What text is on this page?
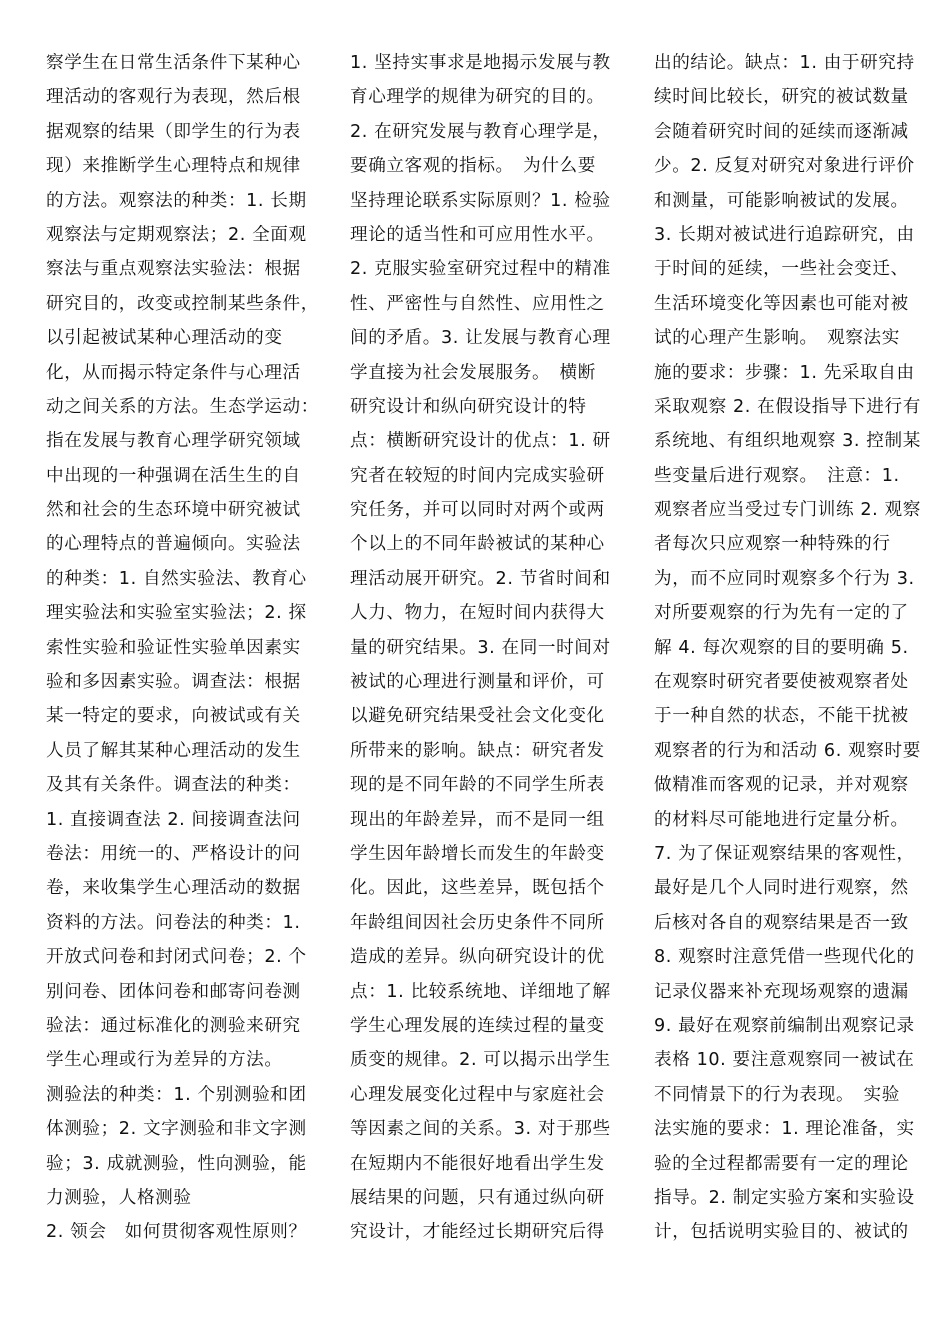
察学生在日常生活条件下某种心
理活动的客观行为表现，然后根
据观察的结果（即学生的行为表
现）来推断学生心理特点和规律
的方法。观察法的种类：1. 长期
观察法与定期观察法；2. 全面观
察法与重点观察法实验法：根据
研究目的，改变或控制某些条件，
以引起被试某种心理活动的变
化，从而揭示特定条件与心理活
动之间关系的方法。生态学运动：
指在发展与教育心理学研究领域
中出现的一种强调在活生生的自
然和社会的生态环境中研究被试
的心理特点的普遍倾向。实验法
的种类：1. 自然实验法、教育心
理实验法和实验室实验法；2. 探
索性实验和验证性实验单因素实
验和多因素实验。调查法：根据
某一特定的要求，向被试或有关
人员了解其某种心理活动的发生
及其有关条件。调查法的种类：
1. 直接调查法 2. 间接调查法问
卷法：用统一的、严格设计的问
卷，来收集学生心理活动的数据
资料的方法。问卷法的种类：1.
开放式问卷和封闭式问卷；2. 个
别问卷、团体问卷和邮寄问卷测
验法：通过标准化的测验来研究
学生心理或行为差异的方法。
测验法的种类：1. 个别测验和团
体测验；2. 文字测验和非文字测
验；3. 成就测验，性向测验，能
力测验，人格测验
2. 领会　如何贯彻客观性原则？
1. 坚持实事求是地揭示发展与教
育心理学的规律为研究的目的。
2. 在研究发展与教育心理学是，
要确立客观的指标。　为什么要
坚持理论联系实际原则？1. 检验
理论的适当性和可应用性水平。
2. 克服实验室研究过程中的精准
性、严密性与自然性、应用性之
间的矛盾。3. 让发展与教育心理
学直接为社会发展服务。　横断
研究设计和纵向研究设计的特
点：横断研究设计的优点：1. 研
究者在较短的时间内完成实验研
究任务，并可以同时对两个或两
个以上的不同年龄被试的某种心
理活动展开研究。2. 节省时间和
人力、物力，在短时间内获得大
量的研究结果。3. 在同一时间对
被试的心理进行测量和评价，可
以避免研究结果受社会文化变化
所带来的影响。缺点：研究者发
现的是不同年龄的不同学生所表
现出的年龄差异，而不是同一组
学生因年龄增长而发生的年龄变
化。因此，这些差异，既包括个
年龄组间因社会历史条件不同所
造成的差异。纵向研究设计的优
点：1. 比较系统地、详细地了解
学生心理发展的连续过程的量变
质变的规律。2. 可以揭示出学生
心理发展变化过程中与家庭社会
等因素之间的关系。3. 对于那些
在短期内不能很好地看出学生发
展结果的问题，只有通过纵向研
究设计，才能经过长期研究后得
出的结论。缺点：1. 由于研究持
续时间比较长，研究的被试数量
会随着研究时间的延续而逐渐减
少。2. 反复对研究对象进行评价
和测量，可能影响被试的发展。
3. 长期对被试进行追踪研究，由
于时间的延续，一些社会变迁、
生活环境变化等因素也可能对被
试的心理产生影响。　观察法实
施的要求：步骤：1. 先采取自由
采取观察 2. 在假设指导下进行有
系统地、有组织地观察 3. 控制某
些变量后进行观察。　注意：1.
观察者应当受过专门训练 2. 观察
者每次只应观察一种特殊的行
为，而不应同时观察多个行为 3.
对所要观察的行为先有一定的了
解 4. 每次观察的目的要明确 5.
在观察时研究者要使被观察者处
于一种自然的状态，不能干扰被
观察者的行为和活动 6. 观察时要
做精准而客观的记录，并对观察
的材料尽可能地进行定量分析。
7. 为了保证观察结果的客观性，
最好是几个人同时进行观察，然
后核对各自的观察结果是否一致
8. 观察时注意凭借一些现代化的
记录仪器来补充现场观察的遗漏
9. 最好在观察前编制出观察记录
表格 10. 要注意观察同一被试在
不同情景下的行为表现。　实验
法实施的要求：1. 理论准备，实
验的全过程都需要有一定的理论
指导。2. 制定实验方案和实验设
计，包括说明实验目的、被试的
